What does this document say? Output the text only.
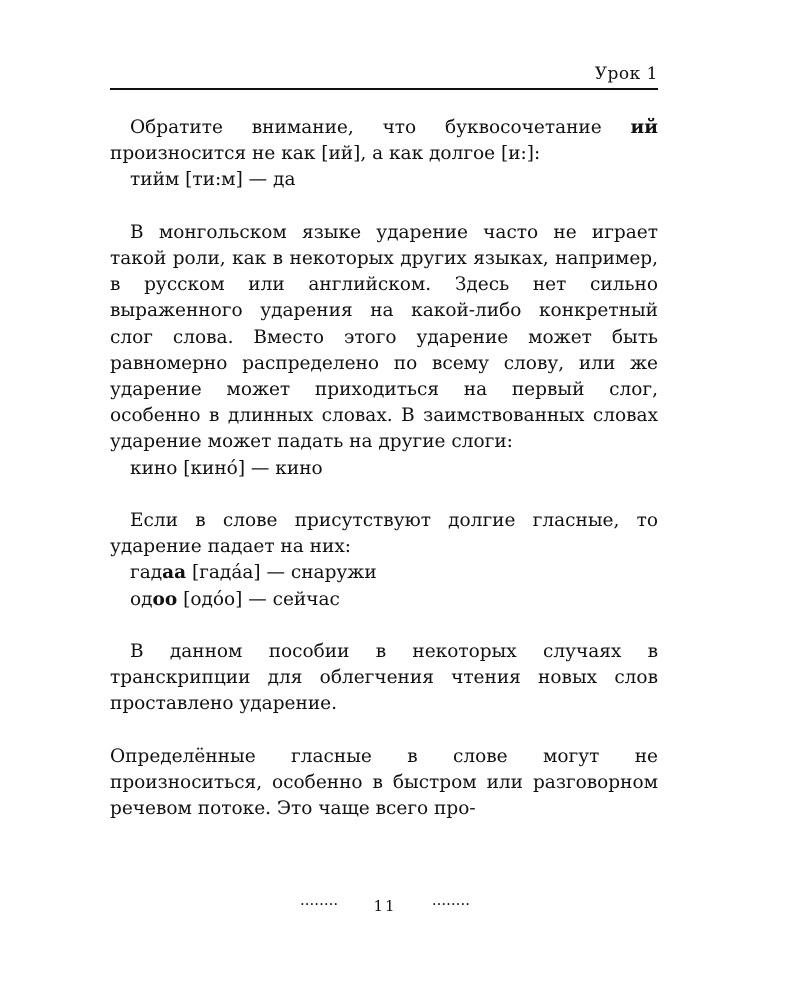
Урок 1

Обратите внимание, что буквосочетание ий произносится не как [ий], а как долгое [и:]:

тийм [ти:м] — да

В монгольском языке ударение часто не играет такой роли, как в некоторых других языках, например, в русском или английском. Здесь нет сильно выраженного ударения на какой-либо конкретный слог слова. Вместо этого ударение может быть равномерно распределено по всему слову, или же ударение может приходиться на первый слог, особенно в длинных словах. В заимствованных словах ударение может падать на другие слоги:

кино [кинó] — кино

Если в слове присутствуют долгие гласные, то ударение падает на них:

гадаа [гадáа] — снаружи
одоо [одóо] — сейчас

В данном пособии в некоторых случаях в транскрипции для облегчения чтения новых слов проставлено ударение.

Определённые гласные в слове могут не произноситься, особенно в быстром или разговорном речевом потоке. Это чаще всего про-

········	11	········
